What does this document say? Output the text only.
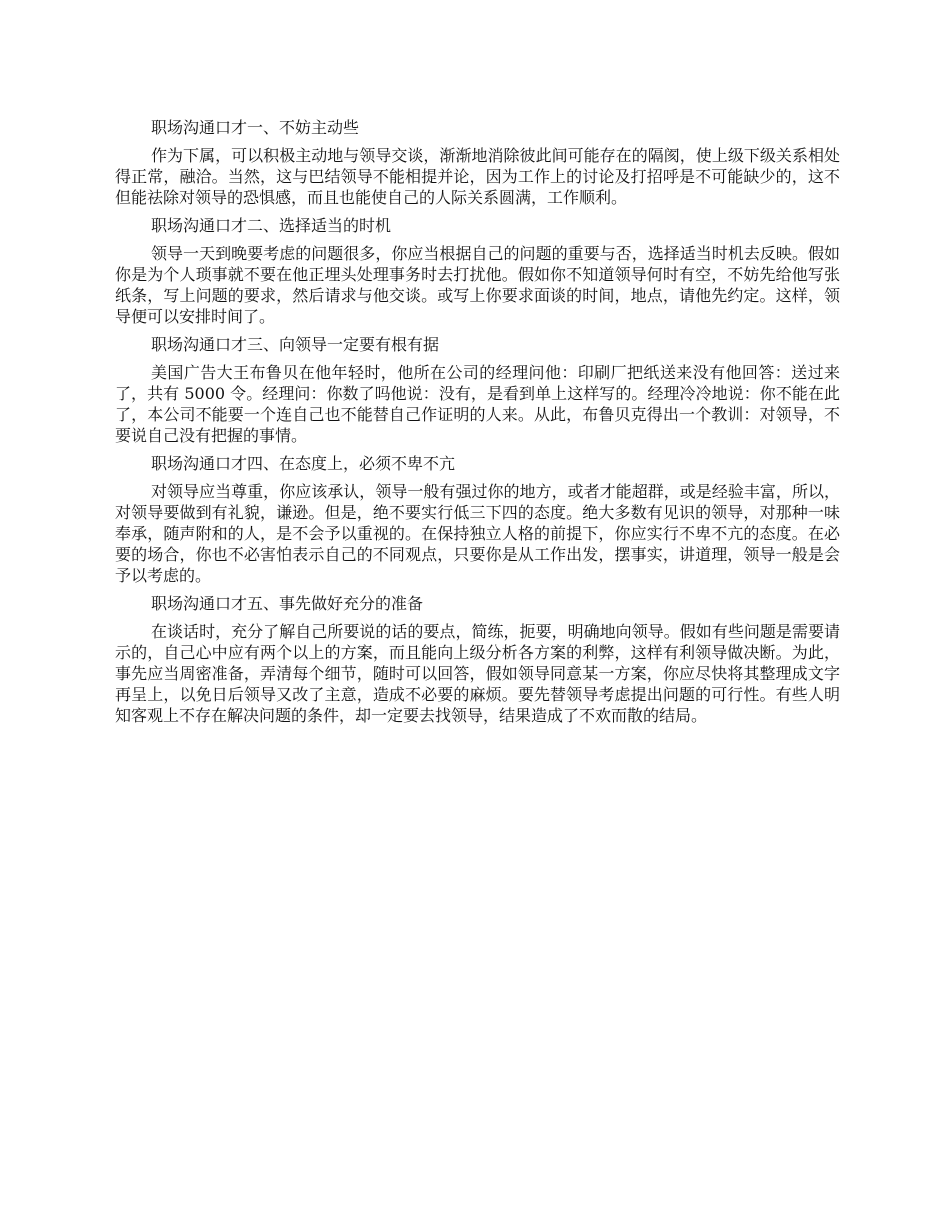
职场沟通口才一、不妨主动些

作为下属，可以积极主动地与领导交谈，渐渐地消除彼此间可能存在的隔阂，使上级下级关系相处得正常，融洽。当然，这与巴结领导不能相提并论，因为工作上的讨论及打招呼是不可能缺少的，这不但能祛除对领导的恐惧感，而且也能使自己的人际关系圆满，工作顺利。

职场沟通口才二、选择适当的时机

领导一天到晚要考虑的问题很多，你应当根据自己的问题的重要与否，选择适当时机去反映。假如你是为个人琐事就不要在他正埋头处理事务时去打扰他。假如你不知道领导何时有空，不妨先给他写张纸条，写上问题的要求，然后请求与他交谈。或写上你要求面谈的时间，地点，请他先约定。这样，领导便可以安排时间了。

职场沟通口才三、向领导一定要有根有据

美国广告大王布鲁贝在他年轻时，他所在公司的经理问他：印刷厂把纸送来没有他回答：送过来了，共有 5000 令。经理问：你数了吗他说：没有，是看到单上这样写的。经理冷冷地说：你不能在此了，本公司不能要一个连自己也不能替自己作证明的人来。从此，布鲁贝克得出一个教训：对领导，不要说自己没有把握的事情。

职场沟通口才四、在态度上，必须不卑不亢

对领导应当尊重，你应该承认，领导一般有强过你的地方，或者才能超群，或是经验丰富，所以，对领导要做到有礼貌，谦逊。但是，绝不要实行低三下四的态度。绝大多数有见识的领导，对那种一味奉承，随声附和的人，是不会予以重视的。在保持独立人格的前提下，你应实行不卑不亢的态度。在必要的场合，你也不必害怕表示自己的不同观点，只要你是从工作出发，摆事实，讲道理，领导一般是会予以考虑的。

职场沟通口才五、事先做好充分的准备

在谈话时，充分了解自己所要说的话的要点，简练，扼要，明确地向领导。假如有些问题是需要请示的，自己心中应有两个以上的方案，而且能向上级分析各方案的利弊，这样有利领导做决断。为此，事先应当周密准备，弄清每个细节，随时可以回答，假如领导同意某一方案，你应尽快将其整理成文字再呈上，以免日后领导又改了主意，造成不必要的麻烦。要先替领导考虑提出问题的可行性。有些人明知客观上不存在解决问题的条件，却一定要去找领导，结果造成了不欢而散的结局。
